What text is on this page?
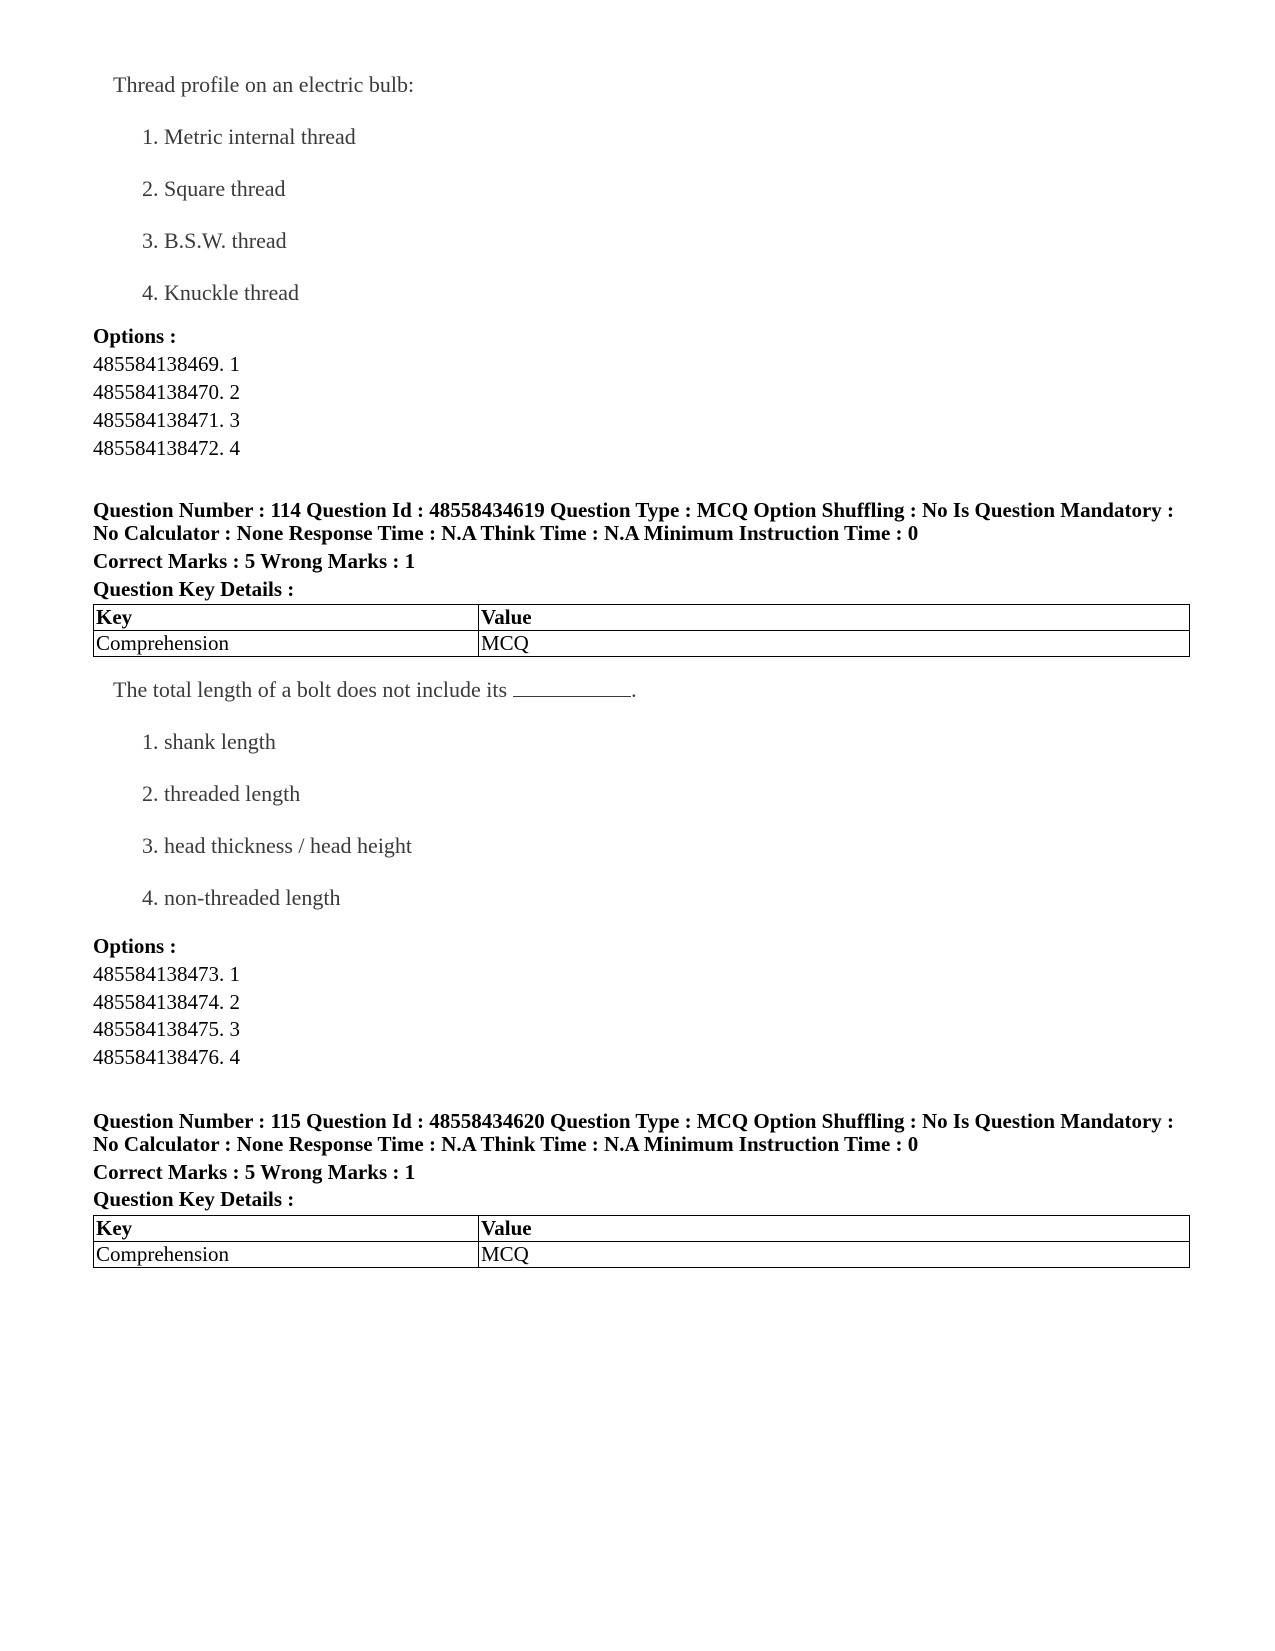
Thread profile on an electric bulb:
1. Metric internal thread
2. Square thread
3. B.S.W. thread
4. Knuckle thread
Options :
485584138469. 1
485584138470. 2
485584138471. 3
485584138472. 4
Question Number : 114 Question Id : 48558434619 Question Type : MCQ Option Shuffling : No Is Question Mandatory :
No Calculator : None Response Time : N.A Think Time : N.A Minimum Instruction Time : 0
Correct Marks : 5 Wrong Marks : 1
Question Key Details :
Key	Value
Comprehension	MCQ
The total length of a bolt does not include its	.
1. shank length
2. threaded length
3. head thickness / head height
4. non-threaded length
Options :
485584138473. 1
485584138474. 2
485584138475. 3
485584138476. 4
Question Number : 115 Question Id : 48558434620 Question Type : MCQ Option Shuffling : No Is Question Mandatory :
No Calculator : None Response Time : N.A Think Time : N.A Minimum Instruction Time : 0
Correct Marks : 5 Wrong Marks : 1
Question Key Details :
Key	Value
Comprehension	MCQ
